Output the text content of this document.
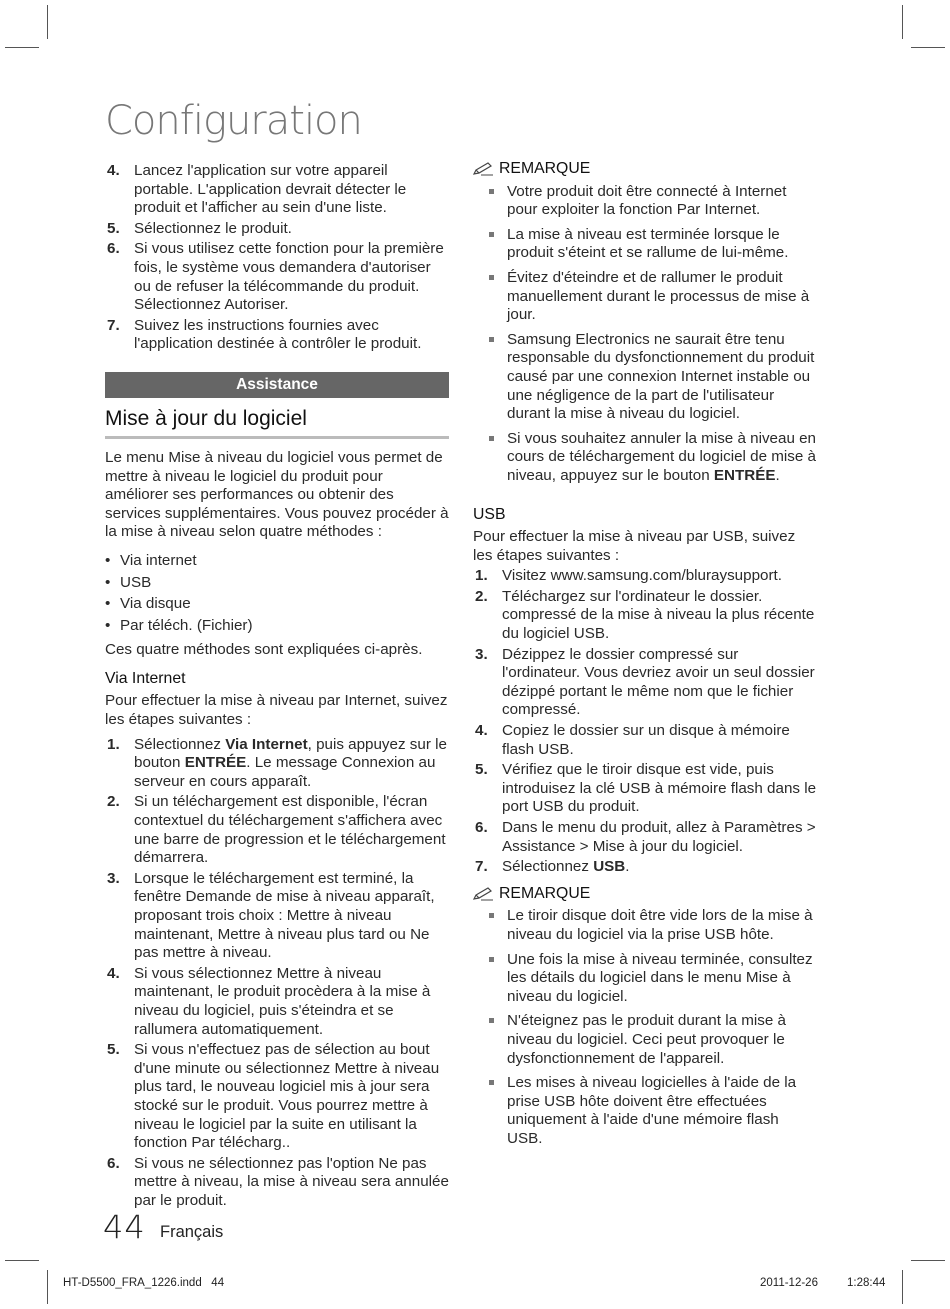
Configuration
4. Lancez l'application sur votre appareil portable. L'application devrait détecter le produit et l'afficher au sein d'une liste.
5. Sélectionnez le produit.
6. Si vous utilisez cette fonction pour la première fois, le système vous demandera d'autoriser ou de refuser la télécommande du produit. Sélectionnez Autoriser.
7. Suivez les instructions fournies avec l'application destinée à contrôler le produit.
Assistance
Mise à jour du logiciel

Le menu Mise à niveau du logiciel vous permet de mettre à niveau le logiciel du produit pour améliorer ses performances ou obtenir des services supplémentaires. Vous pouvez procéder à la mise à niveau selon quatre méthodes :

• Via internet
• USB
• Via disque
• Par téléch. (Fichier)

Ces quatre méthodes sont expliquées ci-après.

Via Internet

Pour effectuer la mise à niveau par Internet, suivez les étapes suivantes :

1. Sélectionnez Via Internet, puis appuyez sur le bouton ENTRÉE. Le message Connexion au serveur en cours apparaît.
2. Si un téléchargement est disponible, l'écran contextuel du téléchargement s'affichera avec une barre de progression et le téléchargement démarrera.
3. Lorsque le téléchargement est terminé, la fenêtre Demande de mise à niveau apparaît, proposant trois choix : Mettre à niveau maintenant, Mettre à niveau plus tard ou Ne pas mettre à niveau.
4. Si vous sélectionnez Mettre à niveau maintenant, le produit procèdera à la mise à niveau du logiciel, puis s'éteindra et se rallumera automatiquement.
5. Si vous n'effectuez pas de sélection au bout d'une minute ou sélectionnez Mettre à niveau plus tard, le nouveau logiciel mis à jour sera stocké sur le produit. Vous pourrez mettre à niveau le logiciel par la suite en utilisant la fonction Par télécharg..
6. Si vous ne sélectionnez pas l'option Ne pas mettre à niveau, la mise à niveau sera annulée par le produit.
REMARQUE
Votre produit doit être connecté à Internet pour exploiter la fonction Par Internet.
La mise à niveau est terminée lorsque le produit s'éteint et se rallume de lui-même.
Évitez d'éteindre et de rallumer le produit manuellement durant le processus de mise à jour.
Samsung Electronics ne saurait être tenu responsable du dysfonctionnement du produit causé par une connexion Internet instable ou une négligence de la part de l'utilisateur durant la mise à niveau du logiciel.
Si vous souhaitez annuler la mise à niveau en cours de téléchargement du logiciel de mise à niveau, appuyez sur le bouton ENTRÉE.
USB

Pour effectuer la mise à niveau par USB, suivez les étapes suivantes :

1. Visitez www.samsung.com/bluraysupport.
2. Téléchargez sur l'ordinateur le dossier. compressé de la mise à niveau la plus récente du logiciel USB.
3. Dézippez le dossier compressé sur l'ordinateur. Vous devriez avoir un seul dossier dézippé portant le même nom que le fichier compressé.
4. Copiez le dossier sur un disque à mémoire flash USB.
5. Vérifiez que le tiroir disque est vide, puis introduisez la clé USB à mémoire flash dans le port USB du produit.
6. Dans le menu du produit, allez à Paramètres > Assistance > Mise à jour du logiciel.
7. Sélectionnez USB.
REMARQUE
Le tiroir disque doit être vide lors de la mise à niveau du logiciel via la prise USB hôte.
Une fois la mise à niveau terminée, consultez les détails du logiciel dans le menu Mise à niveau du logiciel.
N'éteignez pas le produit durant la mise à niveau du logiciel. Ceci peut provoquer le dysfonctionnement de l'appareil.
Les mises à niveau logicielles à l'aide de la prise USB hôte doivent être effectuées uniquement à l'aide d'une mémoire flash USB.
44 Français
HT-D5500_FRA_1226.indd   44	2011-12-26	1:28:44
